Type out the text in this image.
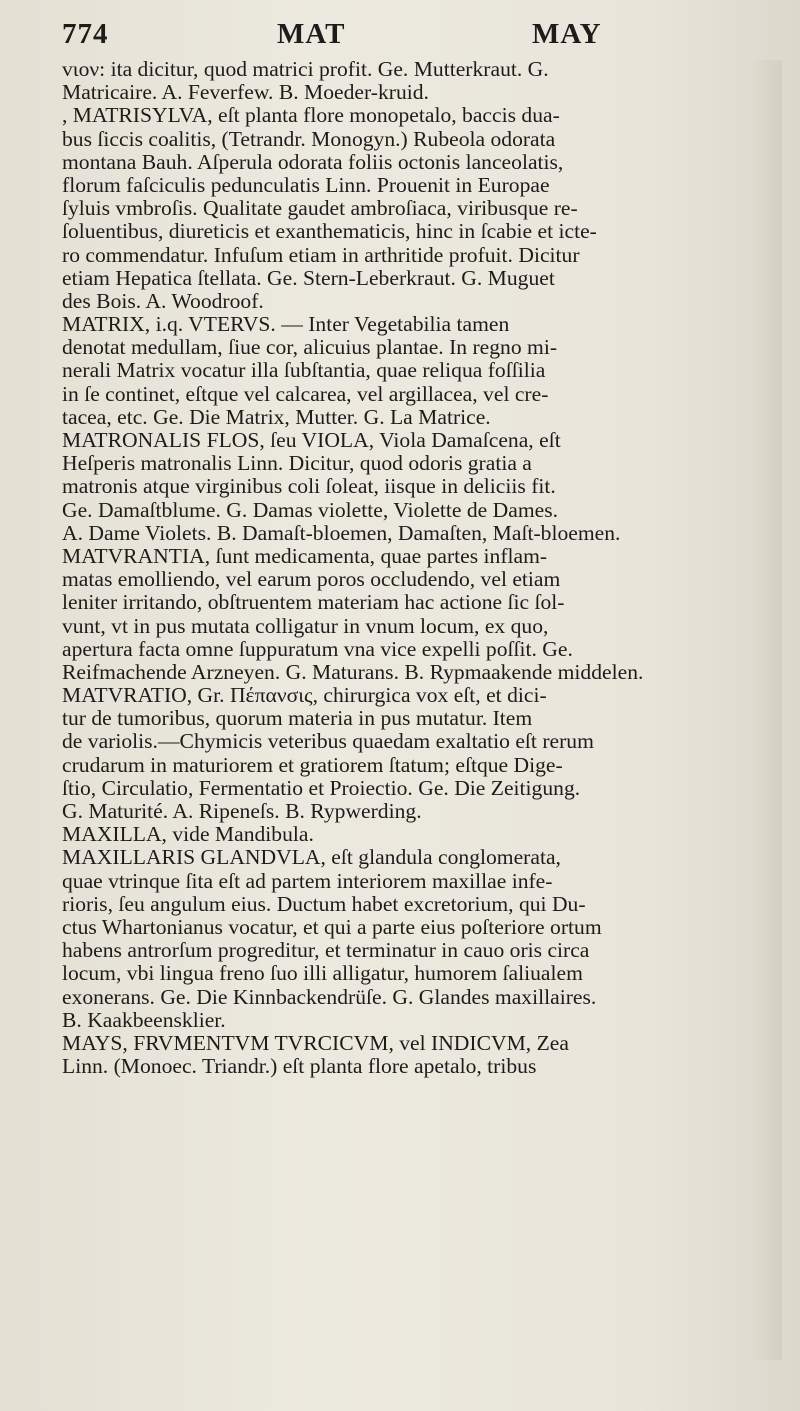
774	MAT	MAY
vιον: ita dicitur, quod matrici profit. Ge. Mutterkraut. G.
Matricaire. A. Feverfew. B. Moeder-kruid.
, MATRISYLVA, eſt planta flore monopetalo, baccis dua-
bus ſiccis coalitis, (Tetrandr. Monogyn.) Rubeola odorata
montana Bauh. Aſperula odorata foliis octonis lanceolatis,
florum faſciculis pedunculatis Linn. Prouenit in Europae
ſyluis vmbroſis. Qualitate gaudet ambroſiaca, viribusque re-
ſoluentibus, diureticis et exanthematicis, hinc in ſcabie et icte-
ro commendatur. Infuſum etiam in arthritide profuit. Dicitur
etiam Hepatica ſtellata. Ge. Stern-Leberkraut. G. Muguet
des Bois. A. Woodroof.
MATRIX, i.q. VTERVS. — Inter Vegetabilia tamen
denotat medullam, ſiue cor, alicuius plantae. In regno mi-
nerali Matrix vocatur illa ſubſtantia, quae reliqua foſſilia
in ſe continet, eſtque vel calcarea, vel argillacea, vel cre-
tacea, etc. Ge. Die Matrix, Mutter. G. La Matrice.
MATRONALIS FLOS, ſeu VIOLA, Viola Damaſcena, eſt
Heſperis matronalis Linn. Dicitur, quod odoris gratia a
matronis atque virginibus coli ſoleat, iisque in deliciis fit.
Ge. Damaſtblume. G. Damas violette, Violette de Dames.
A. Dame Violets. B. Damaſt-bloemen, Damaſten, Maſt-bloemen.
MATVRANTIA, ſunt medicamenta, quae partes inflam-
matas emolliendo, vel earum poros occludendo, vel etiam
leniter irritando, obſtruentem materiam hac actione ſic ſol-
vunt, vt in pus mutata colligatur in vnum locum, ex quo,
apertura facta omne ſuppuratum vna vice expelli poſſit. Ge.
Reifmachende Arzneyen. G. Maturans. B. Rypmaakende middelen.
MATVRATIO, Gr. Πέπανσις, chirurgica vox eſt, et dici-
tur de tumoribus, quorum materia in pus mutatur. Item
de variolis.—Chymicis veteribus quaedam exaltatio eſt rerum
crudarum in maturiorem et gratiorem ſtatum; eſtque Dige-
ſtio, Circulatio, Fermentatio et Proiectio. Ge. Die Zeitigung.
G. Maturité. A. Ripeneſs. B. Rypwerding.
MAXILLA, vide Mandibula.
MAXILLARIS GLANDVLA, eſt glandula conglomerata,
quae vtrinque ſita eſt ad partem interiorem maxillae infe-
rioris, ſeu angulum eius. Ductum habet excretorium, qui Du-
ctus Whartonianus vocatur, et qui a parte eius poſteriore ortum
habens antrorſum progreditur, et terminatur in cauo oris circa
locum, vbi lingua freno ſuo illi alligatur, humorem ſaliualem
exonerans. Ge. Die Kinnbackendrüſe. G. Glandes maxillaires.
B. Kaakbeensklier.
MAYS, FRVMENTVM TVRCICVM, vel INDICVM, Zea
Linn. (Monoec. Triandr.) eſt planta flore apetalo, tribus
